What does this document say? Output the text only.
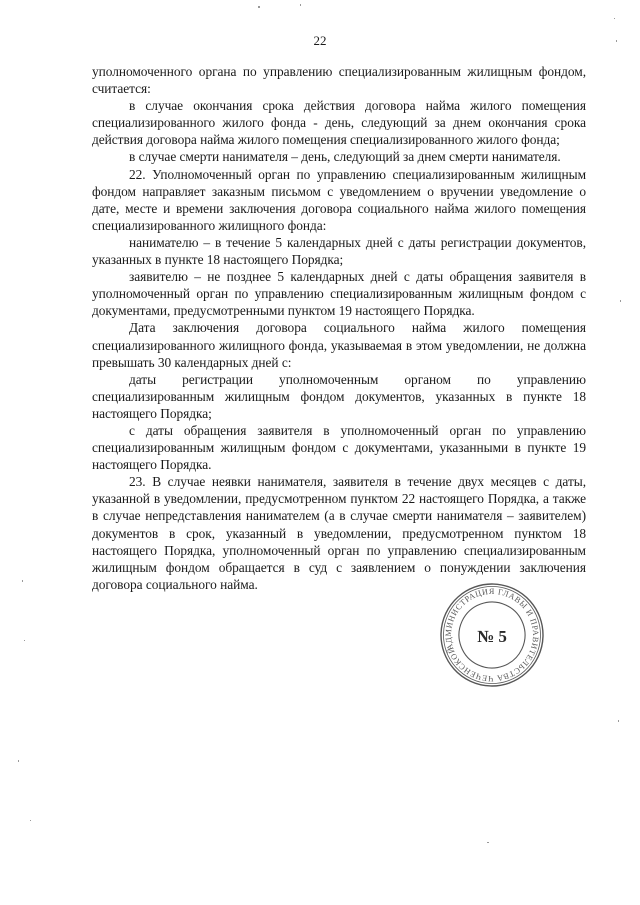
22

уполномоченного органа по управлению специализированным жилищным фондом, считается:

в случае окончания срока действия договора найма жилого помещения специализированного жилого фонда - день, следующий за днем окончания срока действия договора найма жилого помещения специализированного жилого фонда;

в случае смерти нанимателя – день, следующий за днем смерти нанимателя.

22. Уполномоченный орган по управлению специализированным жилищным фондом направляет заказным письмом с уведомлением о вручении уведомление о дате, месте и времени заключения договора социального найма жилого помещения специализированного жилищного фонда:

нанимателю – в течение 5 календарных дней с даты регистрации документов, указанных в пункте 18 настоящего Порядка;

заявителю – не позднее 5 календарных дней с даты обращения заявителя в уполномоченный орган по управлению специализированным жилищным фондом с документами, предусмотренными пунктом 19 настоящего Порядка.

Дата заключения договора социального найма жилого помещения специализированного жилищного фонда, указываемая в этом уведомлении, не должна превышать 30 календарных дней с:

даты регистрации уполномоченным органом по управлению специализированным жилищным фондом документов, указанных в пункте 18 настоящего Порядка;

с даты обращения заявителя в уполномоченный орган по управлению специализированным жилищным фондом с документами, указанными в пункте 19 настоящего Порядка.

23. В случае неявки нанимателя, заявителя в течение двух месяцев с даты, указанной в уведомлении, предусмотренном пунктом 22 настоящего Порядка, а также в случае непредставления нанимателем (а в случае смерти нанимателя – заявителем) документов в срок, указанный в уведомлении, предусмотренном пунктом 18 настоящего Порядка, уполномоченный орган по управлению специализированным жилищным фондом обращается в суд с заявлением о понуждении заключения договора социального найма.

АДМИНИСТРАЦИЯ ГЛАВЫ И ПРАВИТЕЛЬСТВА ЧЕЧЕНСКОЙ
№ 5
